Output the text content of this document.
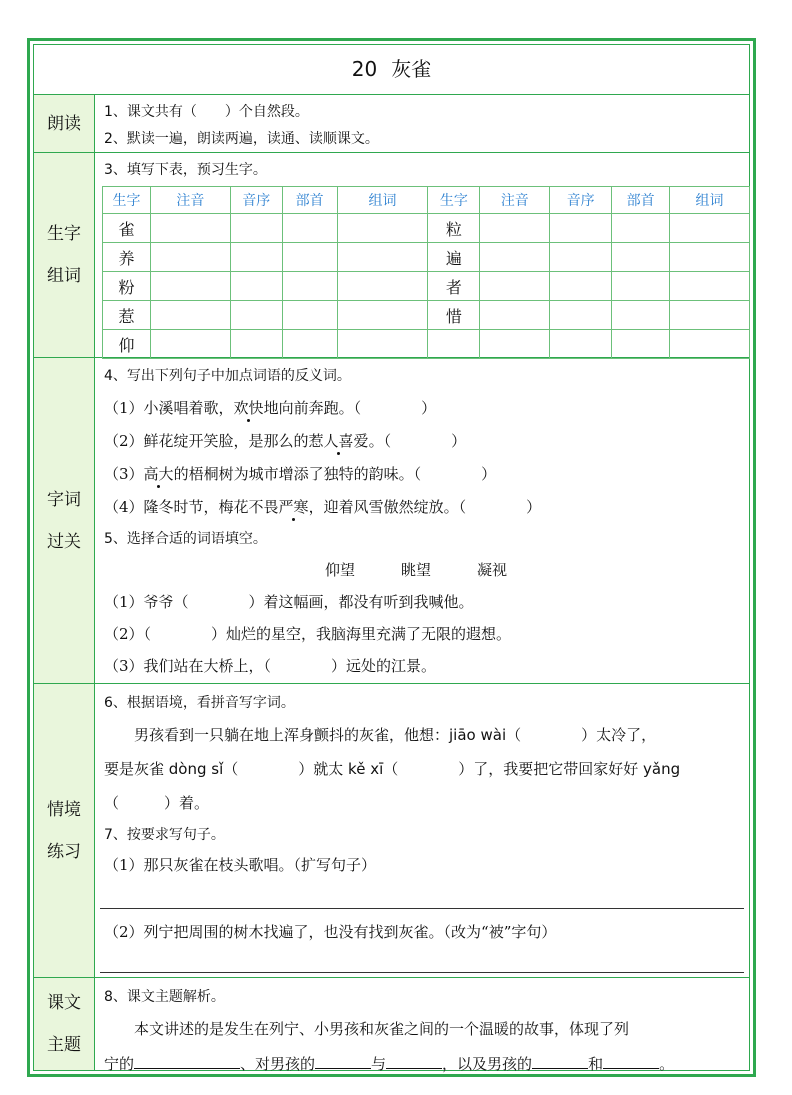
20 灰雀
朗读
1、课文共有（　　）个自然段。
2、默读一遍，朗读两遍，读通、读顺课文。
生字
组词
3、填写下表，预习生字。
生字	注音	音序	部首	组词	生字	注音	音序	部首	组词
雀					粒				
养					遍				
粉					者				
惹					惜				
仰									
字词
过关
4、写出下列句子中加点词语的反义词。
（1）小溪唱着歌，欢快地向前奔跑。（　　　　）
（2）鲜花绽开笑脸，是那么的惹人喜爱。（　　　　）
（3）高大的梧桐树为城市增添了独特的韵味。（　　　　）
（4）隆冬时节，梅花不畏严寒，迎着风雪傲然绽放。（　　　　）
5、选择合适的词语填空。
仰望	眺望	凝视
（1）爷爷（　　　　）着这幅画，都没有听到我喊他。
（2）（　　　　）灿烂的星空，我脑海里充满了无限的遐想。
（3）我们站在大桥上，（　　　　）远处的江景。
情境
练习
6、根据语境，看拼音写字词。
男孩看到一只躺在地上浑身颤抖的灰雀，他想：jiāo wài（　　　　）太冷了，
要是灰雀 dòng sǐ（　　　　）就太 kě xī（　　　　）了，我要把它带回家好好 yǎng
（　　　）着。
7、按要求写句子。
（1）那只灰雀在枝头歌唱。（扩写句子）
（2）列宁把周围的树木找遍了，也没有找到灰雀。（改为“被”字句）
课文
主题
8、课文主题解析。
本文讲述的是发生在列宁、小男孩和灰雀之间的一个温暖的故事，体现了列
宁的	、对男孩的	与	，以及男孩的	和	。
